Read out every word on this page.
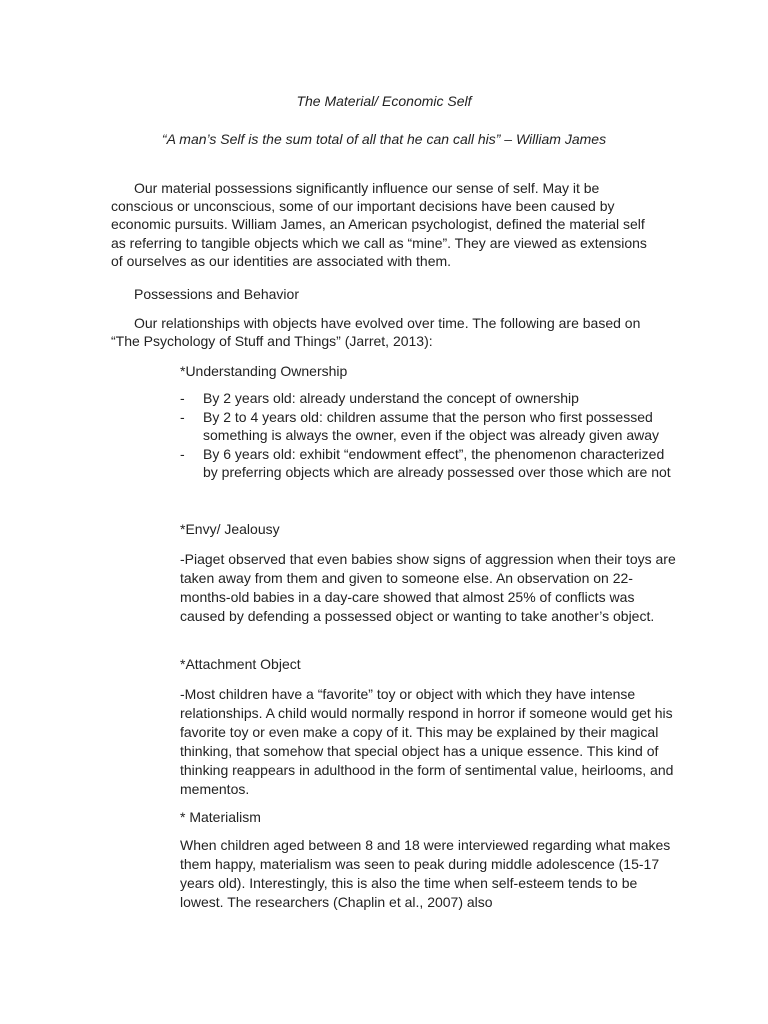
The Material/ Economic Self
“A man’s Self is the sum total of all that he can call his” – William James
Our material possessions significantly influence our sense of self. May it be conscious or unconscious, some of our important decisions have been caused by economic pursuits. William James, an American psychologist, defined the material self as referring to tangible objects which we call as “mine”. They are viewed as extensions of ourselves as our identities are associated with them.
Possessions and Behavior
Our relationships with objects have evolved over time. The following are based on “The Psychology of Stuff and Things” (Jarret, 2013):
*Understanding Ownership
- By 2 years old: already understand the concept of ownership
- By 2 to 4 years old: children assume that the person who first possessed something is always the owner, even if the object was already given away
- By 6 years old: exhibit “endowment effect”, the phenomenon characterized by preferring objects which are already possessed over those which are not
*Envy/ Jealousy
-Piaget observed that even babies show signs of aggression when their toys are taken away from them and given to someone else. An observation on 22-months-old babies in a day-care showed that almost 25% of conflicts was caused by defending a possessed object or wanting to take another’s object.
*Attachment Object
-Most children have a “favorite” toy or object with which they have intense relationships. A child would normally respond in horror if someone would get his favorite toy or even make a copy of it. This may be explained by their magical thinking, that somehow that special object has a unique essence. This kind of thinking reappears in adulthood in the form of sentimental value, heirlooms, and mementos.
* Materialism
When children aged between 8 and 18 were interviewed regarding what makes them happy, materialism was seen to peak during middle adolescence (15-17 years old). Interestingly, this is also the time when self-esteem tends to be lowest. The researchers (Chaplin et al., 2007) also
